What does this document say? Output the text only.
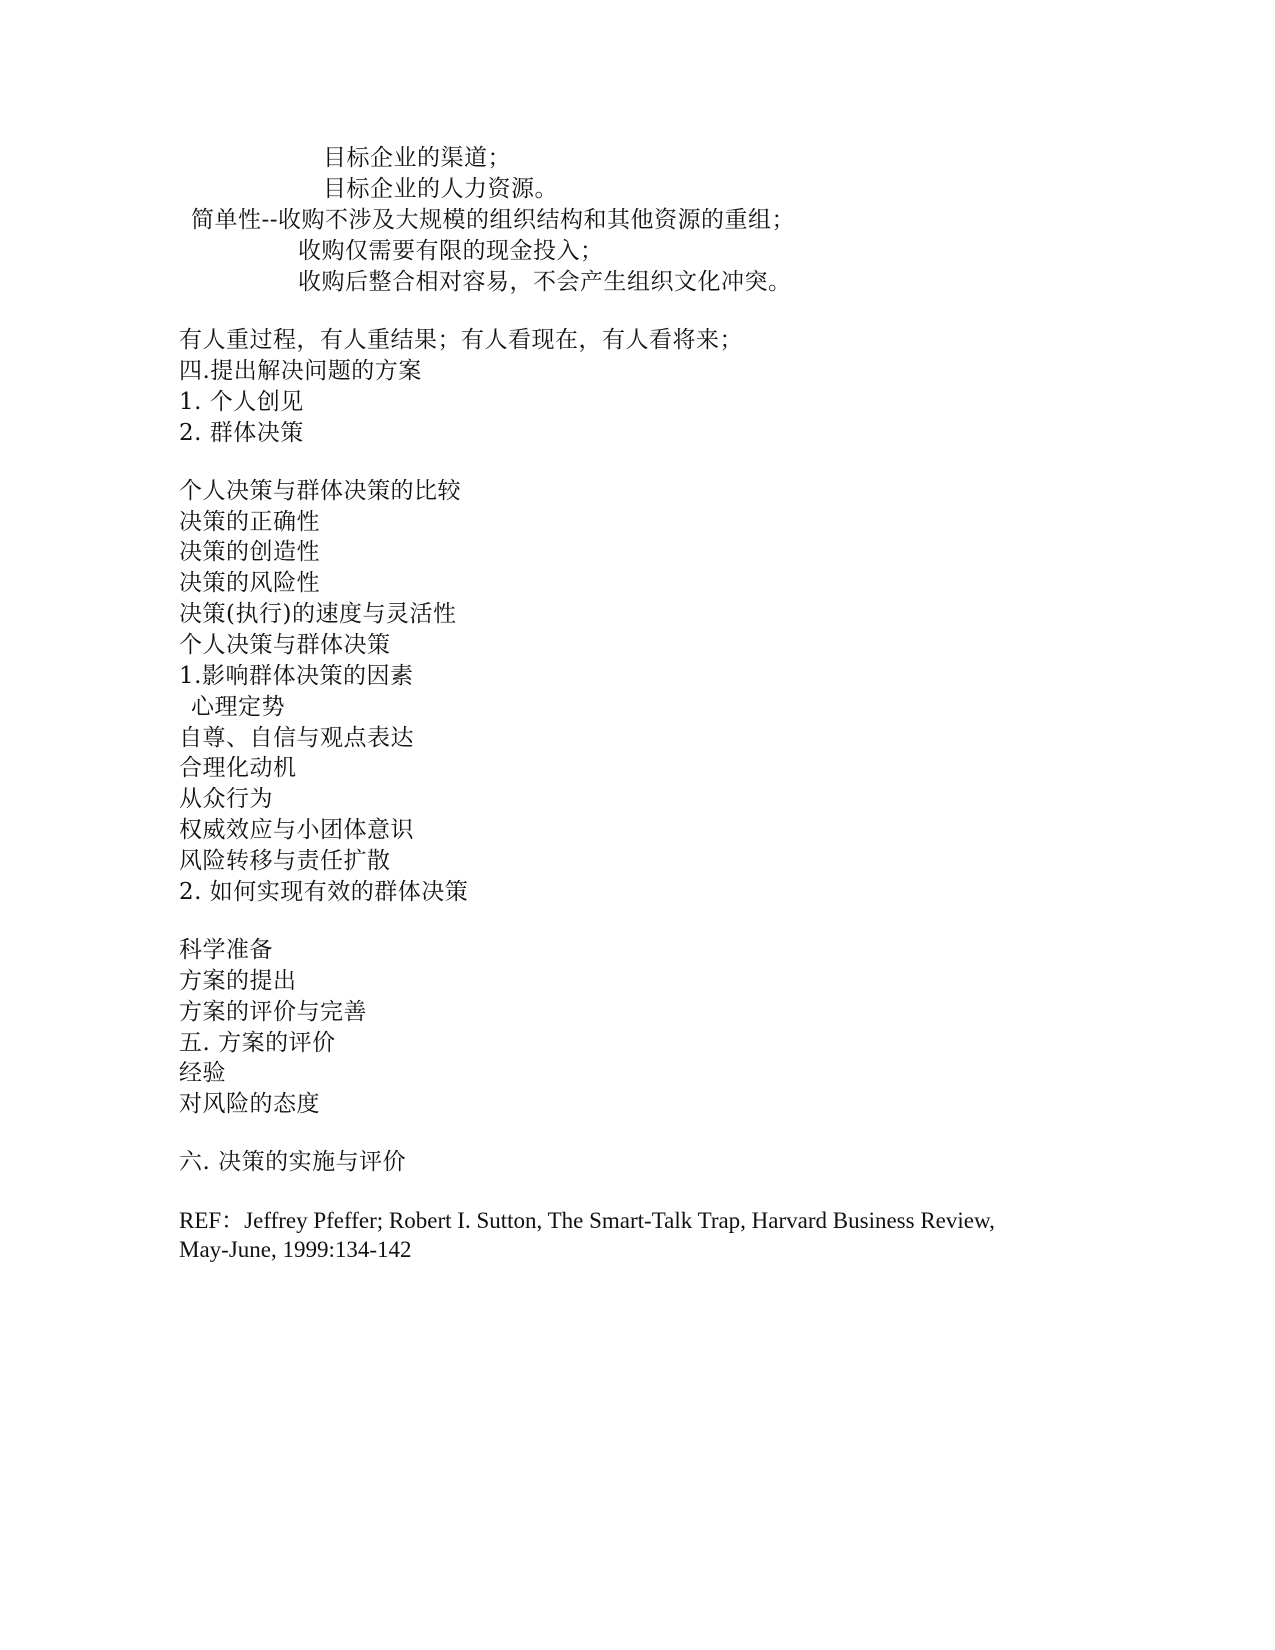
目标企业的渠道；
目标企业的人力资源。
简单性--收购不涉及大规模的组织结构和其他资源的重组；
收购仅需要有限的现金投入；
收购后整合相对容易，不会产生组织文化冲突。
有人重过程，有人重结果；有人看现在，有人看将来；
四.提出解决问题的方案
1. 个人创见
2. 群体决策
个人决策与群体决策的比较
决策的正确性
决策的创造性
决策的风险性
决策(执行)的速度与灵活性
个人决策与群体决策
1.影响群体决策的因素
心理定势
自尊、自信与观点表达
合理化动机
从众行为
权威效应与小团体意识
风险转移与责任扩散
2. 如何实现有效的群体决策
科学准备
方案的提出
方案的评价与完善
五. 方案的评价
经验
对风险的态度
六. 决策的实施与评价
REF：Jeffrey Pfeffer; Robert I. Sutton, The Smart-Talk Trap, Harvard Business Review,
May-June, 1999:134-142
